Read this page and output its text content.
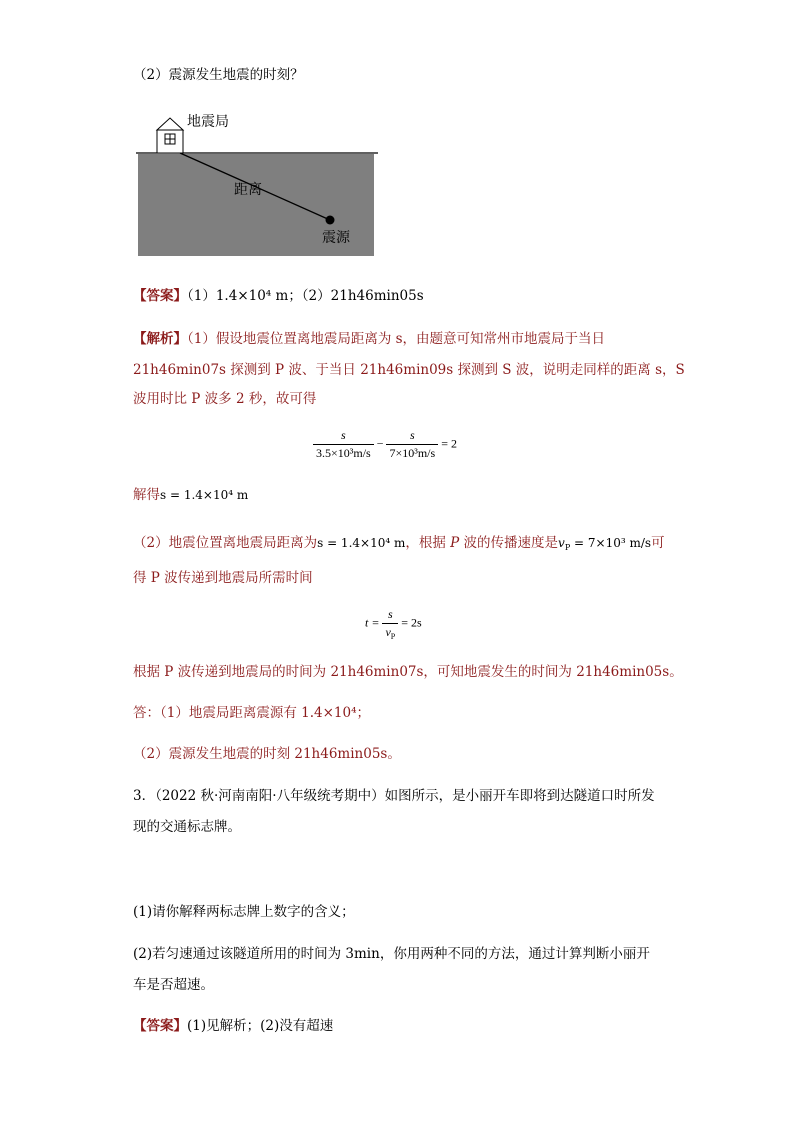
（2）震源发生地震的时刻？
地震局
距离
震源
【答案】（1）1.4×10⁴ m；（2）21h46min05s
【解析】（1）假设地震位置离地震局距离为 s，由题意可知常州市地震局于当日
21h46min07s 探测到 P 波、于当日 21h46min09s 探测到 S 波，说明走同样的距离 s，S
波用时比 P 波多 2 秒，故可得
$\frac{s}{\text{3.5×10³m/s}} - \frac{s}{\text{7×10³m/s}} = 2$
解得s = 1.4×10⁴ m
（2）地震位置离地震局距离为s = 1.4×10⁴ m，根据 P 波的传播速度是$v_P = 7\times 10^3$ m/s可
得 P 波传递到地震局所需时间
$t = \frac{s}{v_P} = 2s$
根据 P 波传递到地震局的时间为 21h46min07s，可知地震发生的时间为 21h46min05s。
答：（1）地震局距离震源有 1.4×10⁴；
（2）震源发生地震的时刻 21h46min05s。
3．（2022 秋·河南南阳·八年级统考期中）如图所示，是小丽开车即将到达隧道口时所发
现的交通标志牌。
(1)请你解释两标志牌上数字的含义；
(2)若匀速通过该隧道所用的时间为 3min，你用两种不同的方法，通过计算判断小丽开
车是否超速。
【答案】(1)见解析；(2)没有超速
